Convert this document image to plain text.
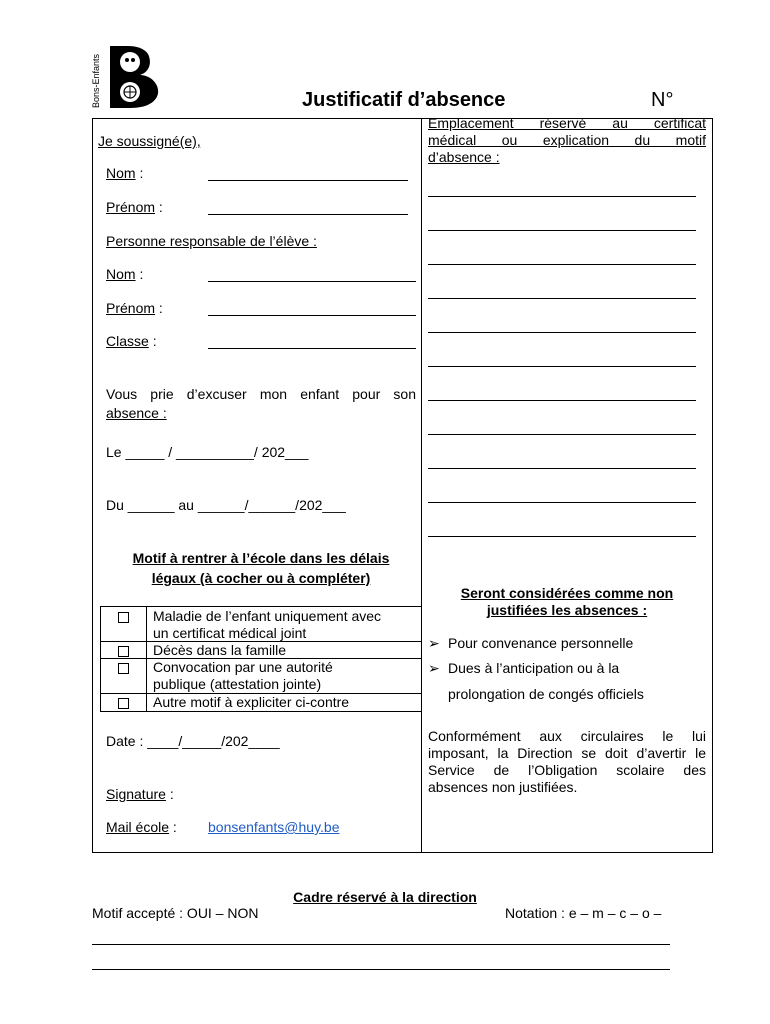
Bons-Enfants	Justificatif d’absence	N°
Je soussigné(e),
Nom :
Prénom :
Personne responsable de l’élève :
Nom :
Prénom :
Classe :
Vous prie d’excuser mon enfant pour son
absence :
Le _____ / __________/ 202___
Du ______ au ______/______/202___
Motif à rentrer à l’école dans les délais
légaux (à cocher ou à compléter)
Maladie de l’enfant uniquement avec
un certificat médical joint
Décès dans la famille
Convocation par une autorité
publique (attestation jointe)
Autre motif à expliciter ci-contre
Date : ____/_____/202____
Signature :
Mail école : bonsenfants@huy.be
Emplacement réservé au certificat
médical ou explication du motif
d’absence :
Seront considérées comme non
justifiées les absences :
➢ Pour convenance personnelle
➢ Dues à l’anticipation ou à la
prolongation de congés officiels
Conformément aux circulaires le lui
imposant, la Direction se doit d’avertir le
Service de l’Obligation scolaire des
absences non justifiées.
Cadre réservé à la direction
Motif accepté : OUI – NON	Notation : e – m – c – o –
